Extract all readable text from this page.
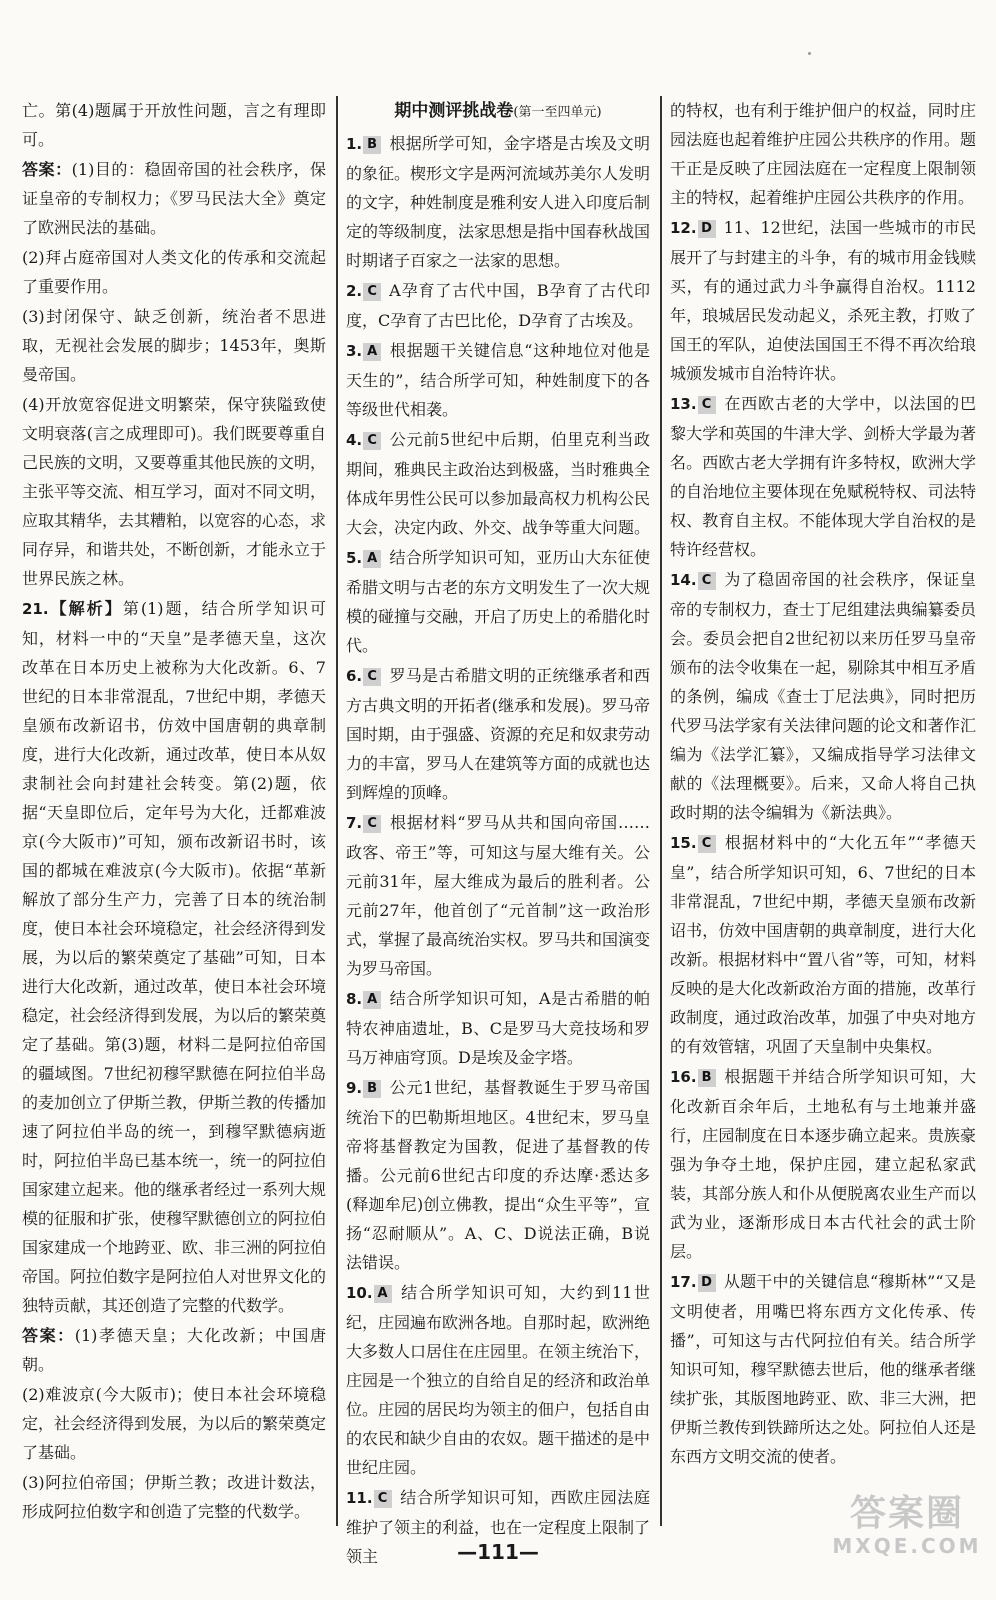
亡。第(4)题属于开放性问题，言之有理即可。

答案：(1)目的：稳固帝国的社会秩序，保证皇帝的专制权力；《罗马民法大全》奠定了欧洲民法的基础。

(2)拜占庭帝国对人类文化的传承和交流起了重要作用。

(3)封闭保守、缺乏创新，统治者不思进取，无视社会发展的脚步；1453年，奥斯曼帝国。

(4)开放宽容促进文明繁荣，保守狭隘致使文明衰落(言之成理即可)。我们既要尊重自己民族的文明，又要尊重其他民族的文明，主张平等交流、相互学习，面对不同文明，应取其精华，去其糟粕，以宽容的心态，求同存异，和谐共处，不断创新，才能永立于世界民族之林。

21.【解析】第(1)题，结合所学知识可知，材料一中的“天皇”是孝德天皇，这次改革在日本历史上被称为大化改新。6、7世纪的日本非常混乱，7世纪中期，孝德天皇颁布改新诏书，仿效中国唐朝的典章制度，进行大化改新，通过改革，使日本从奴隶制社会向封建社会转变。第(2)题，依据“天皇即位后，定年号为大化，迁都难波京(今大阪市)”可知，颁布改新诏书时，该国的都城在难波京(今大阪市)。依据“革新解放了部分生产力，完善了日本的统治制度，使日本社会环境稳定，社会经济得到发展，为以后的繁荣奠定了基础”可知，日本进行大化改新，通过改革，使日本社会环境稳定，社会经济得到发展，为以后的繁荣奠定了基础。第(3)题，材料二是阿拉伯帝国的疆域图。7世纪初穆罕默德在阿拉伯半岛的麦加创立了伊斯兰教，伊斯兰教的传播加速了阿拉伯半岛的统一，到穆罕默德病逝时，阿拉伯半岛已基本统一，统一的阿拉伯国家建立起来。他的继承者经过一系列大规模的征服和扩张，使穆罕默德创立的阿拉伯国家建成一个地跨亚、欧、非三洲的阿拉伯帝国。阿拉伯数字是阿拉伯人对世界文化的独特贡献，其还创造了完整的代数学。

答案：(1)孝德天皇；大化改新；中国唐朝。

(2)难波京(今大阪市)；使日本社会环境稳定，社会经济得到发展，为以后的繁荣奠定了基础。

(3)阿拉伯帝国；伊斯兰教；改进计数法，形成阿拉伯数字和创造了完整的代数学。

期中测评挑战卷(第一至四单元)

1. B 根据所学可知，金字塔是古埃及文明的象征。楔形文字是两河流域苏美尔人发明的文字，种姓制度是雅利安人进入印度后制定的等级制度，法家思想是指中国春秋战国时期诸子百家之一法家的思想。

2. C A孕育了古代中国，B孕育了古代印度，C孕育了古巴比伦，D孕育了古埃及。

3. A 根据题干关键信息“这种地位对他是天生的”，结合所学可知，种姓制度下的各等级世代相袭。

4. C 公元前5世纪中后期，伯里克利当政期间，雅典民主政治达到极盛，当时雅典全体成年男性公民可以参加最高权力机构公民大会，决定内政、外交、战争等重大问题。

5. A 结合所学知识可知，亚历山大东征使希腊文明与古老的东方文明发生了一次大规模的碰撞与交融，开启了历史上的希腊化时代。

6. C 罗马是古希腊文明的正统继承者和西方古典文明的开拓者(继承和发展)。罗马帝国时期，由于强盛、资源的充足和奴隶劳动力的丰富，罗马人在建筑等方面的成就也达到辉煌的顶峰。

7. C 根据材料“罗马从共和国向帝国……政客、帝王”等，可知这与屋大维有关。公元前31年，屋大维成为最后的胜利者。公元前27年，他首创了“元首制”这一政治形式，掌握了最高统治实权。罗马共和国演变为罗马帝国。

8. A 结合所学知识可知，A是古希腊的帕特农神庙遗址，B、C是罗马大竞技场和罗马万神庙穹顶。D是埃及金字塔。

9. B 公元1世纪，基督教诞生于罗马帝国统治下的巴勒斯坦地区。4世纪末，罗马皇帝将基督教定为国教，促进了基督教的传播。公元前6世纪古印度的乔达摩·悉达多(释迦牟尼)创立佛教，提出“众生平等”，宣扬“忍耐顺从”。A、C、D说法正确，B说法错误。

10. A 结合所学知识可知，大约到11世纪，庄园遍布欧洲各地。自那时起，欧洲绝大多数人口居住在庄园里。在领主统治下，庄园是一个独立的自给自足的经济和政治单位。庄园的居民均为领主的佃户，包括自由的农民和缺少自由的农奴。题干描述的是中世纪庄园。

11. C 结合所学知识可知，西欧庄园法庭维护了领主的利益，也在一定程度上限制了领主

的特权，也有利于维护佃户的权益，同时庄园法庭也起着维护庄园公共秩序的作用。题干正是反映了庄园法庭在一定程度上限制领主的特权，起着维护庄园公共秩序的作用。

12. D 11、12世纪，法国一些城市的市民展开了与封建主的斗争，有的城市用金钱赎买，有的通过武力斗争赢得自治权。1112年，琅城居民发动起义，杀死主教，打败了国王的军队，迫使法国国王不得不再次给琅城颁发城市自治特许状。

13. C 在西欧古老的大学中，以法国的巴黎大学和英国的牛津大学、剑桥大学最为著名。西欧古老大学拥有许多特权，欧洲大学的自治地位主要体现在免赋税特权、司法特权、教育自主权。不能体现大学自治权的是特许经营权。

14. C 为了稳固帝国的社会秩序，保证皇帝的专制权力，查士丁尼组建法典编纂委员会。委员会把自2世纪初以来历任罗马皇帝颁布的法令收集在一起，剔除其中相互矛盾的条例，编成《查士丁尼法典》，同时把历代罗马法学家有关法律问题的论文和著作汇编为《法学汇纂》，又编成指导学习法律文献的《法理概要》。后来，又命人将自己执政时期的法令编辑为《新法典》。

15. C 根据材料中的“大化五年”“孝德天皇”，结合所学知识可知，6、7世纪的日本非常混乱，7世纪中期，孝德天皇颁布改新诏书，仿效中国唐朝的典章制度，进行大化改新。根据材料中“置八省”等，可知，材料反映的是大化改新政治方面的措施，改革行政制度，通过政治改革，加强了中央对地方的有效管辖，巩固了天皇制中央集权。

16. B 根据题干并结合所学知识可知，大化改新百余年后，土地私有与土地兼并盛行，庄园制度在日本逐步确立起来。贵族豪强为争夺土地，保护庄园，建立起私家武装，其部分族人和仆从便脱离农业生产而以武为业，逐渐形成日本古代社会的武士阶层。

17. D 从题干中的关键信息“穆斯林”“又是文明使者，用嘴巴将东西方文化传承、传播”，可知这与古代阿拉伯有关。结合所学知识可知，穆罕默德去世后，他的继承者继续扩张，其版图地跨亚、欧、非三大洲，把伊斯兰教传到铁蹄所达之处。阿拉伯人还是东西方文明交流的使者。

—111—
答案圈
MXQE.COM
